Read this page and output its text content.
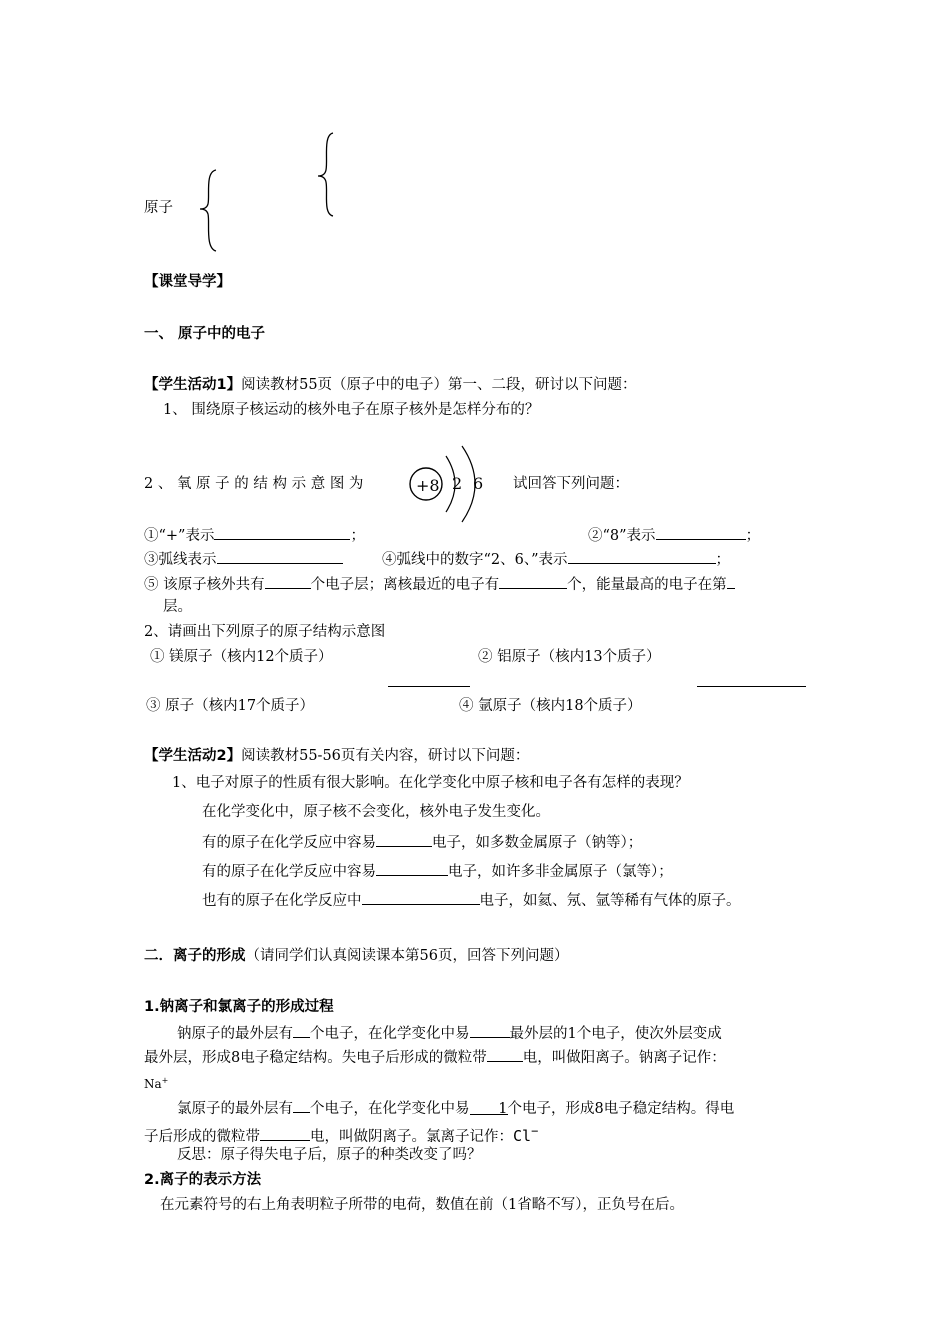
原子
【课堂导学】
一、 原子中的电子
【学生活动1】阅读教材55页（原子中的电子）第一、二段，研讨以下问题：
1、 围绕原子核运动的核外电子在原子核外是怎样分布的？
2 、 氧 原 子 的 结 构 示 意 图 为	+8 2 6 试回答下列问题：
①“+”表示	；	②“8”表示	；
③弧线表示	④弧线中的数字“2、6、”表示	；
⑤ 该原子核外共有	个电子层；离核最近的电子有	个，能量最高的电子在第
层。
2、请画出下列原子的原子结构示意图
① 镁原子（核内12个质子）	② 铝原子（核内13个质子）
③ 原子（核内17个质子）	④ 氩原子（核内18个质子）
【学生活动2】阅读教材55-56页有关内容，研讨以下问题：
1、电子对原子的性质有很大影响。在化学变化中原子核和电子各有怎样的表现？
在化学变化中，原子核不会变化，核外电子发生变化。
有的原子在化学反应中容易	电子，如多数金属原子（钠等）；
有的原子在化学反应中容易	电子，如许多非金属原子（氯等）；
也有的原子在化学反应中	电子，如氦、氖、氩等稀有气体的原子。
二．离子的形成（请同学们认真阅读课本第56页，回答下列问题）
1.钠离子和氯离子的形成过程
钠原子的最外层有 个电子，在化学变化中易	最外层的1个电子，使次外层变成
最外层，形成8电子稳定结构。失电子后形成的微粒带 电，叫做阳离子。钠离子记作：
Na+
氯原子的最外层有 个电子，在化学变化中易 1个电子，形成8电子稳定结构。得电
子后形成的微粒带	电，叫做阴离子。氯离子记作：Cl−
反思：原子得失电子后，原子的种类改变了吗？
2.离子的表示方法
在元素符号的右上角表明粒子所带的电荷，数值在前（1省略不写），正负号在后。
